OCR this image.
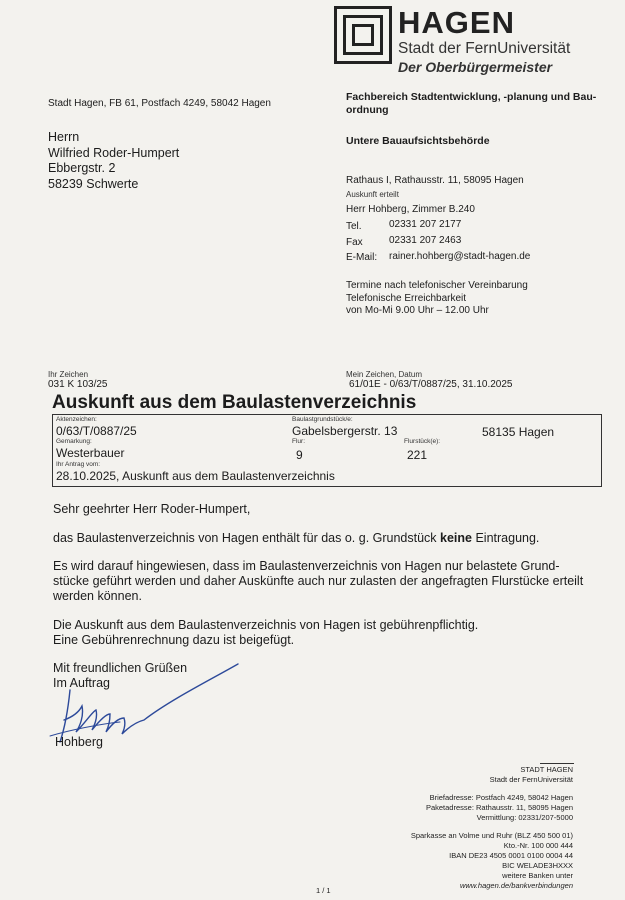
HAGEN
Stadt der FernUniversität
Der Oberbürgermeister
Stadt Hagen, FB 61, Postfach 4249, 58042 Hagen
Herrn
Wilfried Roder-Humpert
Ebbergstr. 2
58239 Schwerte
Fachbereich Stadtentwicklung, -planung und Bau-
ordnung
Untere Bauaufsichtsbehörde
Rathaus I, Rathausstr. 11, 58095 Hagen
Auskunft erteilt
Herr Hohberg, Zimmer B.240
Tel.	02331 207 2177
Fax	02331 207 2463
E-Mail: rainer.hohberg@stadt-hagen.de
Termine nach telefonischer Vereinbarung
Telefonische Erreichbarkeit
von Mo-Mi 9.00 Uhr – 12.00 Uhr
Ihr Zeichen
031 K 103/25
Mein Zeichen, Datum
61/01E - 0/63/T/0887/25, 31.10.2025
Auskunft aus dem Baulastenverzeichnis
Aktenzeichen:
0/63/T/0887/25
Baulastgrundstück/e:
Gabelsbergerstr. 13	58135 Hagen
Gemarkung:
Westerbauer
Flur:
9
Flurstück(e):
221
Ihr Antrag vom:
28.10.2025, Auskunft aus dem Baulastenverzeichnis
Sehr geehrter Herr Roder-Humpert,
das Baulastenverzeichnis von Hagen enthält für das o. g. Grundstück keine Eintragung.
Es wird darauf hingewiesen, dass im Baulastenverzeichnis von Hagen nur belastete Grund-
stücke geführt werden und daher Auskünfte auch nur zulasten der angefragten Flurstücke erteilt
werden können.
Die Auskunft aus dem Baulastenverzeichnis von Hagen ist gebührenpflichtig.
Eine Gebührenrechnung dazu ist beigefügt.
Mit freundlichen Grüßen
Im Auftrag
Hohberg
STADT HAGEN
Stadt der FernUniversität
Briefadresse: Postfach 4249, 58042 Hagen
Paketadresse: Rathausstr. 11, 58095 Hagen
Vermittlung: 02331/207-5000
Sparkasse an Volme und Ruhr (BLZ 450 500 01)
Kto.-Nr. 100 000 444
IBAN DE23 4505 0001 0100 0004 44
BIC WELADE3HXXX
weitere Banken unter
www.hagen.de/bankverbindungen
1 / 1
